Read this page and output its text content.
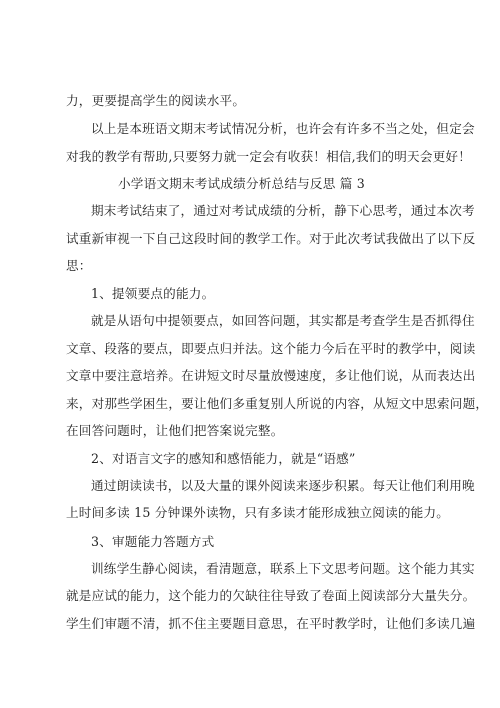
力，更要提高学生的阅读水平。
以上是本班语文期末考试情况分析，也许会有许多不当之处，但定会
对我的教学有帮助,只要努力就一定会有收获！相信,我们的明天会更好！
小学语文期末考试成绩分析总结与反思 篇 3
期末考试结束了，通过对考试成绩的分析，静下心思考，通过本次考
试重新审视一下自己这段时间的教学工作。对于此次考试我做出了以下反
思：
1、提领要点的能力。
就是从语句中提领要点，如回答问题，其实都是考查学生是否抓得住
文章、段落的要点，即要点归并法。这个能力今后在平时的教学中，阅读
文章中要注意培养。在讲短文时尽量放慢速度，多让他们说，从而表达出
来，对那些学困生，要让他们多重复别人所说的内容，从短文中思索问题，
在回答问题时，让他们把答案说完整。
2、对语言文字的感知和感悟能力，就是“语感”
通过朗读读书，以及大量的课外阅读来逐步积累。每天让他们利用晚
上时间多读 15 分钟课外读物，只有多读才能形成独立阅读的能力。
3、审题能力答题方式
训练学生静心阅读，看清题意，联系上下文思考问题。这个能力其实
就是应试的能力，这个能力的欠缺往往导致了卷面上阅读部分大量失分。
学生们审题不清，抓不住主要题目意思，在平时教学时，让他们多读几遍
